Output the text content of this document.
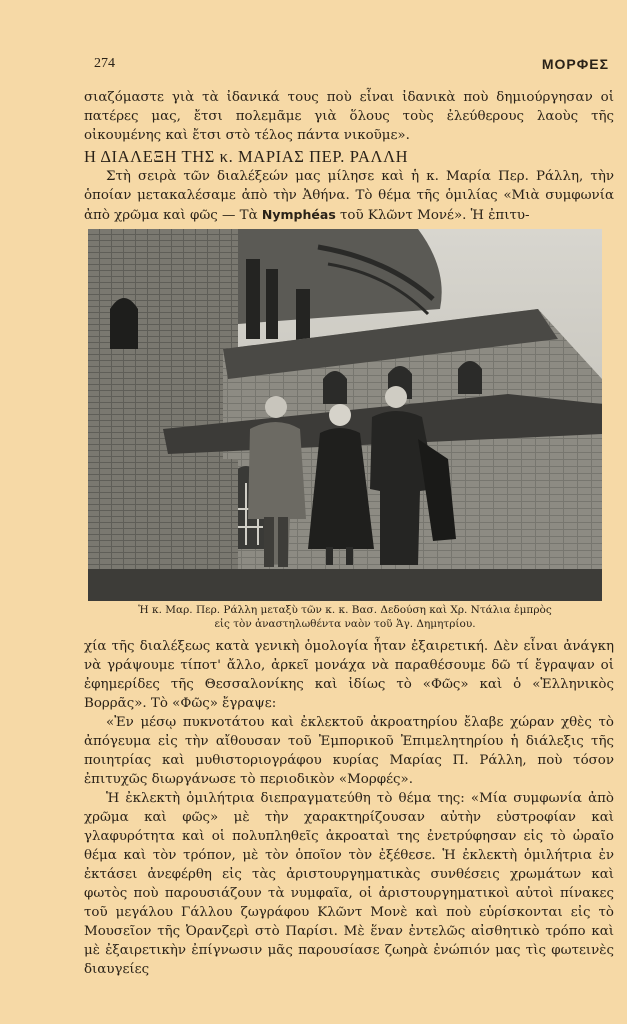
274	ΜΟΡΦΕΣ

σιαζόμαστε γιὰ τὰ ἰδανικά τους ποὺ εἶναι ἰδανικὰ ποὺ δημιούργησαν οἱ πατέρες μας, ἔτσι πολεμᾶμε γιὰ ὅλους τοὺς ἐλεύθερους λαοὺς τῆς οἰκουμένης καὶ ἔτσι στὸ τέλος πάντα νικοῦμε».

Η ΔΙΑΛΕΞΗ ΤΗΣ κ. ΜΑΡΙΑΣ ΠΕΡ. ΡΑΛΛΗ

Στὴ σειρὰ τῶν διαλέξεών μας μίλησε καὶ ἡ κ. Μαρία Περ. Ράλλη, τὴν ὁποίαν μετακαλέσαμε ἀπὸ τὴν Ἀθήνα. Τὸ θέμα τῆς ὁμιλίας «Μιὰ συμφωνία ἀπὸ χρῶμα καὶ φῶς — Τὰ Nymphéas τοῦ Κλῶντ Μονέ». Ἡ ἐπιτυ-

Ἡ κ. Μαρ. Περ. Ράλλη μεταξὺ τῶν κ. κ. Βασ. Δεδούση καὶ Χρ. Ντάλια ἐμπρὸς
εἰς τὸν ἀναστηλωθέντα ναὸν τοῦ Ἁγ. Δημητρίου.

χία τῆς διαλέξεως κατὰ γενικὴ ὁμολογία ἦταν ἐξαιρετική. Δὲν εἶναι ἀνάγκη νὰ γράψουμε τίποτ' ἄλλο, ἀρκεῖ μονάχα νὰ παραθέσουμε δῶ τί ἔγραψαν οἱ ἐφημερίδες τῆς Θεσσαλονίκης καὶ ἰδίως τὸ «Φῶς» καὶ ὁ «Ἑλληνικὸς Βορρᾶς». Τὸ «Φῶς» ἔγραψε:

«Ἐν μέσῳ πυκνοτάτου καὶ ἐκλεκτοῦ ἀκροατηρίου ἔλαβε χώραν χθὲς τὸ ἀπόγευμα εἰς τὴν αἴθουσαν τοῦ Ἐμπορικοῦ Ἐπιμελητηρίου ἡ διάλεξις τῆς ποιητρίας καὶ μυθιστοριογράφου κυρίας Μαρίας Π. Ράλλη, ποὺ τόσον ἐπιτυχῶς διωργάνωσε τὸ περιοδικὸν «Μορφές».

Ἡ ἐκλεκτὴ ὁμιλήτρια διεπραγματεύθη τὸ θέμα της: «Μία συμφωνία ἀπὸ χρῶμα καὶ φῶς» μὲ τὴν χαρακτηρίζουσαν αὐτὴν εὐστροφίαν καὶ γλαφυρότητα καὶ οἱ πολυπληθεῖς ἀκροαταὶ της ἐνετρύφησαν εἰς τὸ ὡραῖο θέμα καὶ τὸν τρόπον, μὲ τὸν ὁποῖον τὸν ἐξέθεσε. Ἡ ἐκλεκτὴ ὁμιλήτρια ἐν ἐκτάσει ἀνεφέρθη εἰς τὰς ἀριστουργηματικὰς συνθέσεις χρωμάτων καὶ φωτὸς ποὺ παρουσιάζουν τὰ νυμφαῖα, οἱ ἀριστουργηματικοὶ αὐτοὶ πίνακες τοῦ μεγάλου Γάλλου ζωγράφου Κλῶντ Μονὲ καὶ ποὺ εὑρίσκονται εἰς τὸ Μουσεῖον τῆς Ὀρανζερὶ στὸ Παρίσι. Μὲ ἕναν ἐντελῶς αἰσθητικὸ τρόπο καὶ μὲ ἐξαιρετικὴν ἐπίγνωσιν μᾶς παρουσίασε ζωηρὰ ἐνώπιόν μας τὶς φωτεινὲς διαυγείες
